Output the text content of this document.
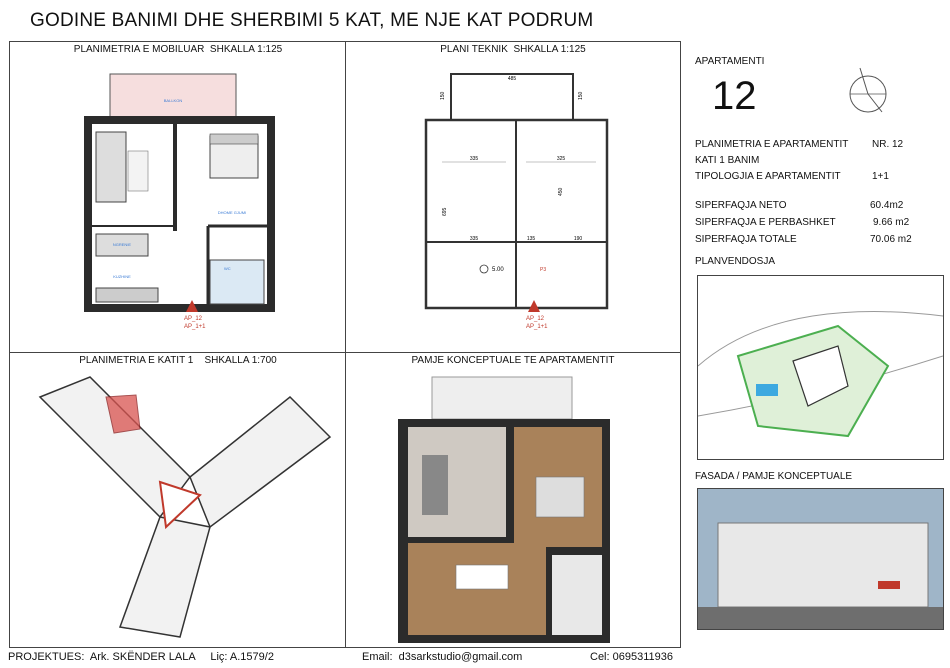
GODINE BANIMI DHE SHERBIMI 5 KAT, ME NJE KAT PODRUM
PLANIMETRIA E MOBILUAR  SHKALLA 1:125
BALLKON
DHOME GJUMI
NGRENIE
KUZHINE
WC
AP_12
AP_1+1
PLANI TEKNIK  SHKALLA 1:125
485
335	325
335	135	190
695
450
150	150
5.00	P3
AP_12
AP_1+1
PLANIMETRIA E KATIT 1    SHKALLA 1:700	PAMJE KONCEPTUALE TE APARTAMENTIT
APARTAMENTI
12
PLANIMETRIA E APARTAMENTIT NR. 12
KATI 1 BANIM
TIPOLOGJIA E APARTAMENTIT	1+1
SIPERFAQJA NETO	60.4m2
SIPERFAQJA E PERBASHKET	9.66 m2
SIPERFAQJA TOTALE	70.06 m2
PLANVENDOSJA
FASADA / PAMJE KONCEPTUALE
PROJEKTUES:  Ark. SKËNDER LALA     Liç: A.1579/2	Email:  d3sarkstudio@gmail.com	Cel: 0695311936
